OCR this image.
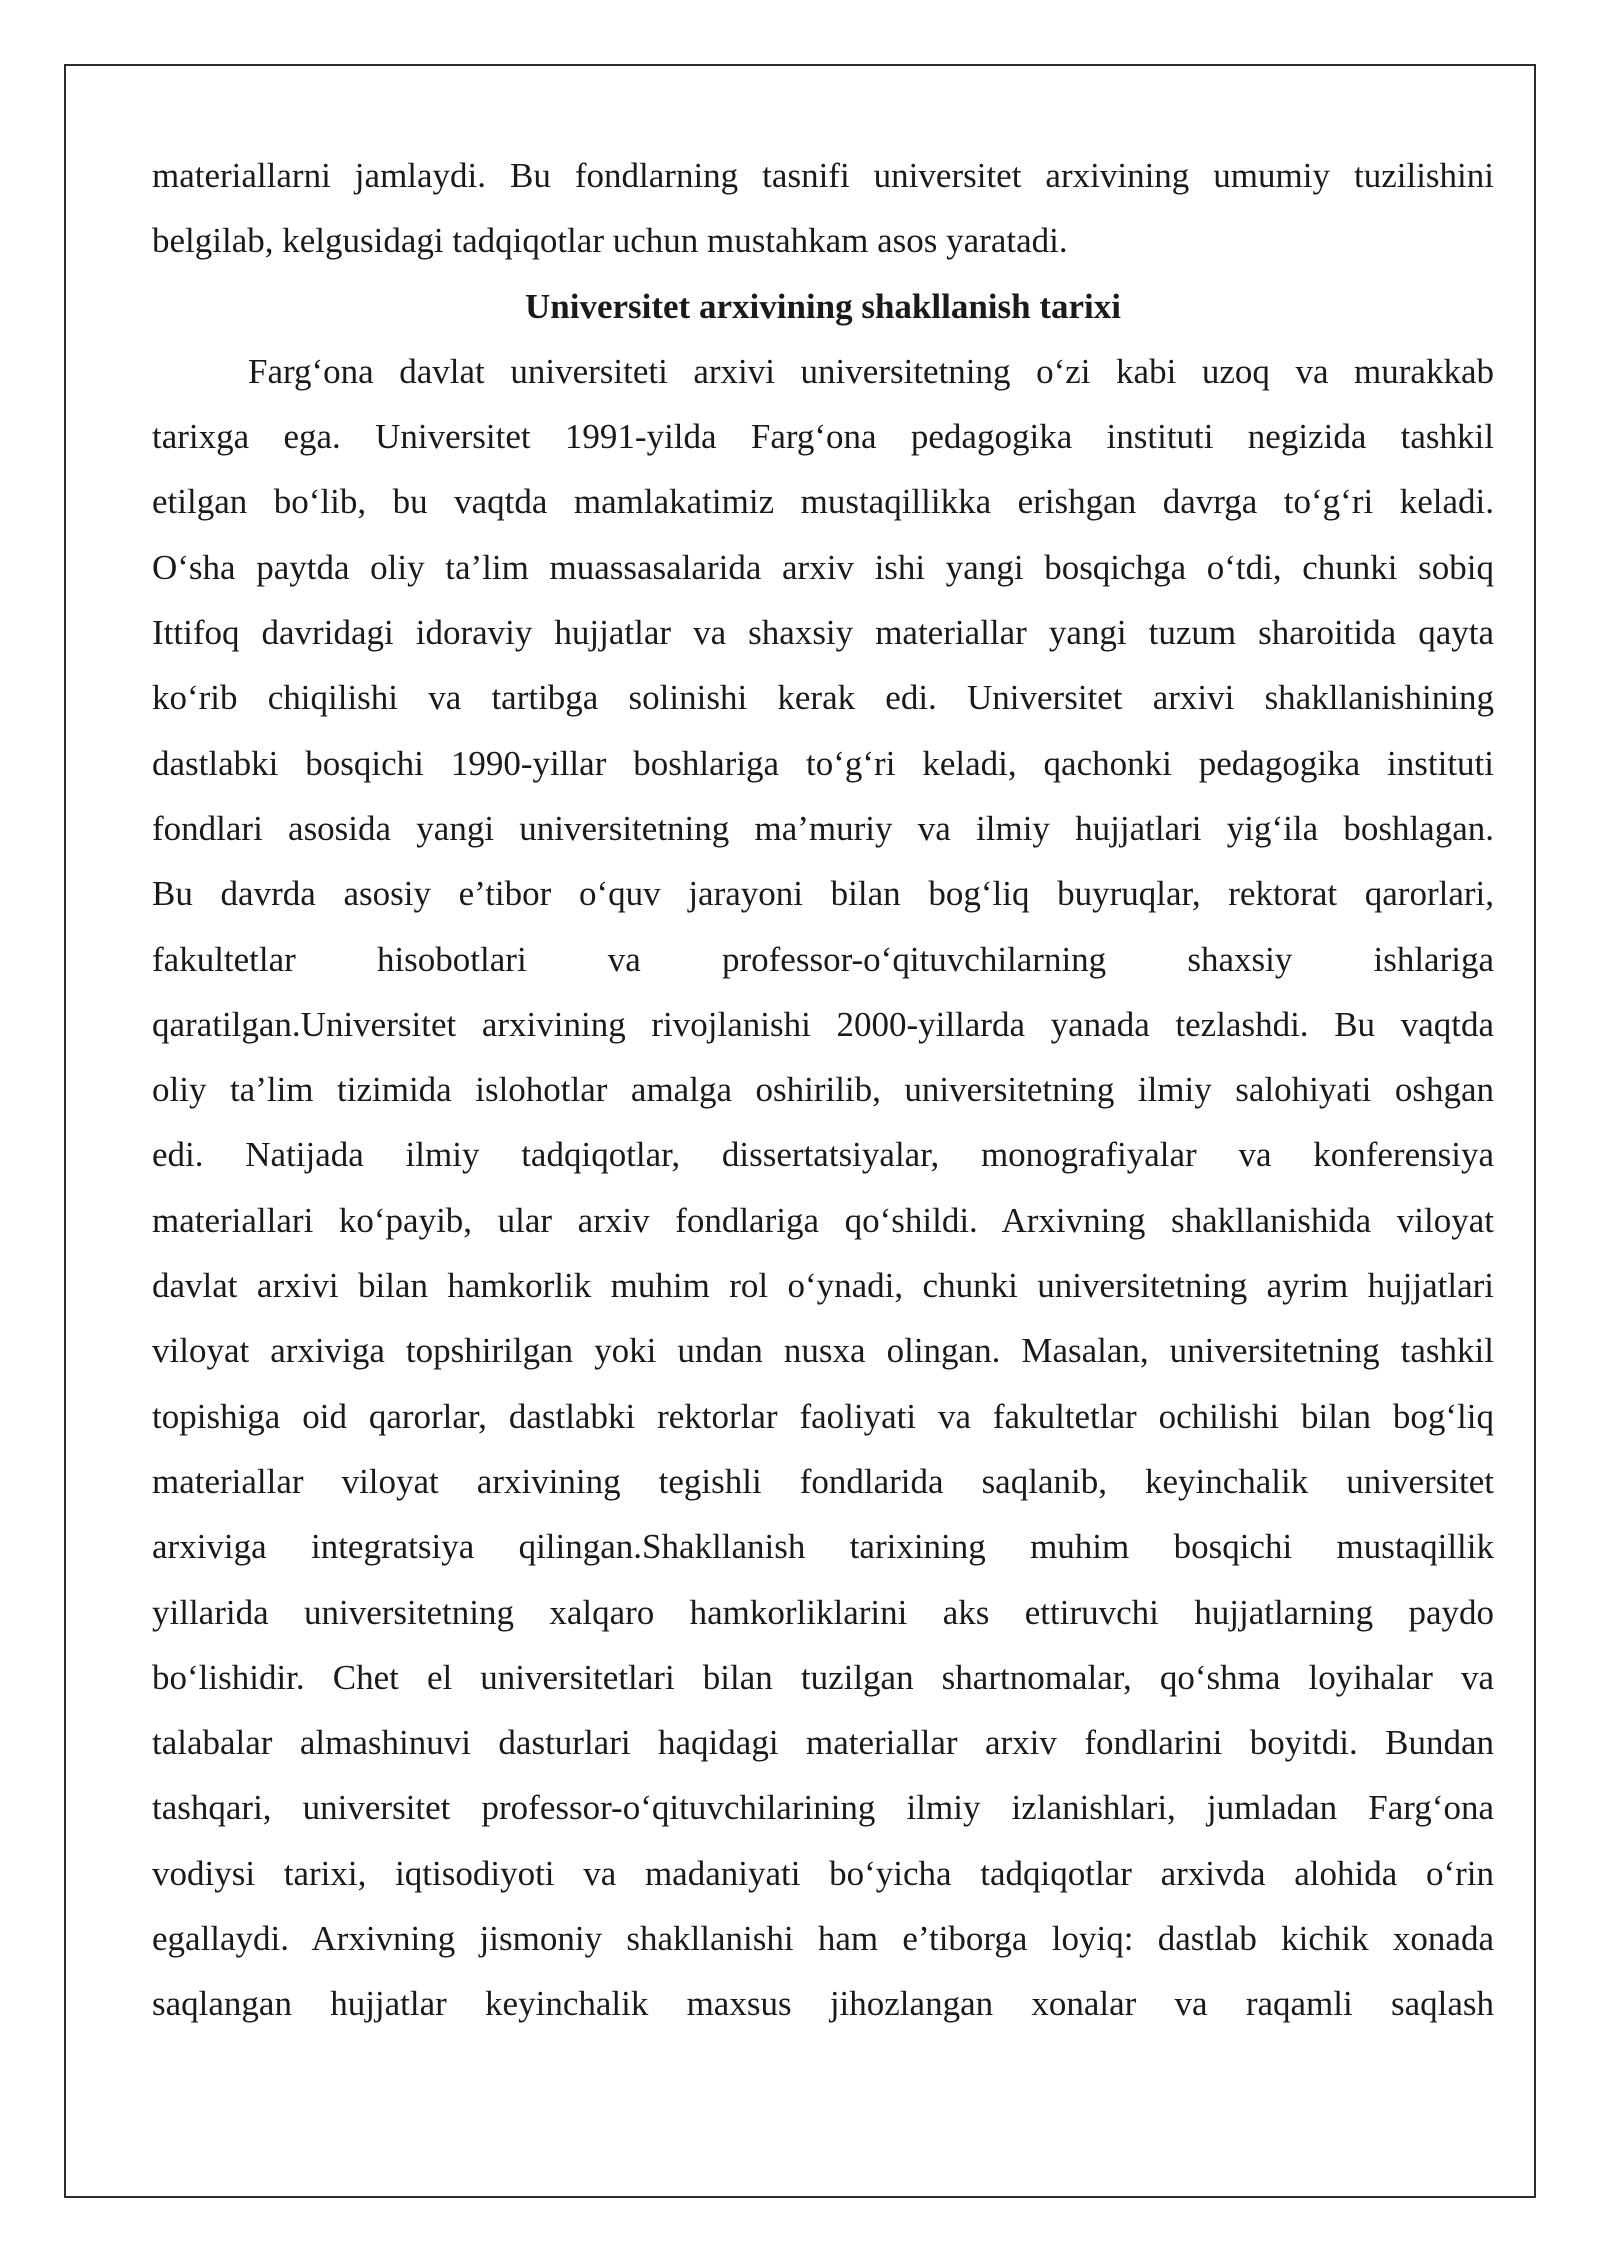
materiallarni jamlaydi. Bu fondlarning tasnifi universitet arxivining umumiy tuzilishini
belgilab, kelgusidagi tadqiqotlar uchun mustahkam asos yaratadi.
Universitet arxivining shakllanish tarixi
Farg‘ona davlat universiteti arxivi universitetning o‘zi kabi uzoq va murakkab
tarixga ega. Universitet 1991-yilda Farg‘ona pedagogika instituti negizida tashkil
etilgan bo‘lib, bu vaqtda mamlakatimiz mustaqillikka erishgan davrga to‘g‘ri keladi.
O‘sha paytda oliy ta’lim muassasalarida arxiv ishi yangi bosqichga o‘tdi, chunki sobiq
Ittifoq davridagi idoraviy hujjatlar va shaxsiy materiallar yangi tuzum sharoitida qayta
ko‘rib chiqilishi va tartibga solinishi kerak edi. Universitet arxivi shakllanishining
dastlabki bosqichi 1990-yillar boshlariga to‘g‘ri keladi, qachonki pedagogika instituti
fondlari asosida yangi universitetning ma’muriy va ilmiy hujjatlari yig‘ila boshlagan.
Bu davrda asosiy e’tibor o‘quv jarayoni bilan bog‘liq buyruqlar, rektorat qarorlari,
fakultetlar hisobotlari va professor-o‘qituvchilarning shaxsiy ishlariga
qaratilgan.Universitet arxivining rivojlanishi 2000-yillarda yanada tezlashdi. Bu vaqtda
oliy ta’lim tizimida islohotlar amalga oshirilib, universitetning ilmiy salohiyati oshgan
edi. Natijada ilmiy tadqiqotlar, dissertatsiyalar, monografiyalar va konferensiya
materiallari ko‘payib, ular arxiv fondlariga qo‘shildi. Arxivning shakllanishida viloyat
davlat arxivi bilan hamkorlik muhim rol o‘ynadi, chunki universitetning ayrim hujjatlari
viloyat arxiviga topshirilgan yoki undan nusxa olingan. Masalan, universitetning tashkil
topishiga oid qarorlar, dastlabki rektorlar faoliyati va fakultetlar ochilishi bilan bog‘liq
materiallar viloyat arxivining tegishli fondlarida saqlanib, keyinchalik universitet
arxiviga integratsiya qilingan.Shakllanish tarixining muhim bosqichi mustaqillik
yillarida universitetning xalqaro hamkorliklarini aks ettiruvchi hujjatlarning paydo
bo‘lishidir. Chet el universitetlari bilan tuzilgan shartnomalar, qo‘shma loyihalar va
talabalar almashinuvi dasturlari haqidagi materiallar arxiv fondlarini boyitdi. Bundan
tashqari, universitet professor-o‘qituvchilarining ilmiy izlanishlari, jumladan Farg‘ona
vodiysi tarixi, iqtisodiyoti va madaniyati bo‘yicha tadqiqotlar arxivda alohida o‘rin
egallaydi. Arxivning jismoniy shakllanishi ham e’tiborga loyiq: dastlab kichik xonada
saqlangan hujjatlar keyinchalik maxsus jihozlangan xonalar va raqamli saqlash
